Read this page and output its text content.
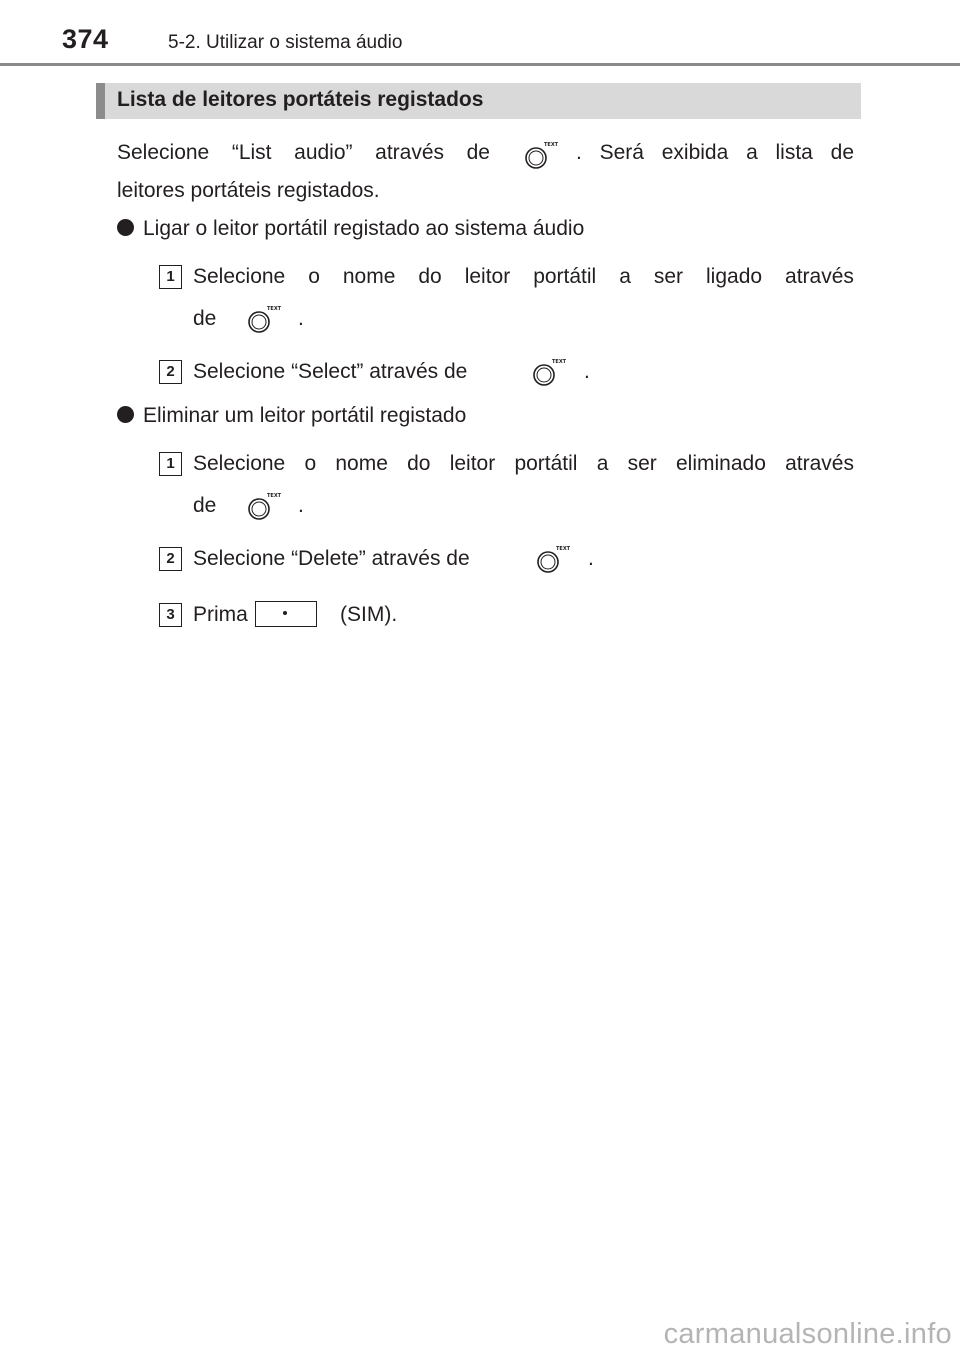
374	5-2. Utilizar o sistema áudio
Lista de leitores portáteis registados
Selecione “List audio” através de	TEXT . Será exibida a lista de
leitores portáteis registados.
Ligar o leitor portátil registado ao sistema áudio
1 Selecione o nome do leitor portátil a ser ligado através
de	TEXT .
2 Selecione “Select” através de	TEXT .
Eliminar um leitor portátil registado
1 Selecione o nome do leitor portátil a ser eliminado através
de	TEXT .
2 Selecione “Delete” através de	TEXT .
3 Prima	(SIM).
carmanualsonline.info
